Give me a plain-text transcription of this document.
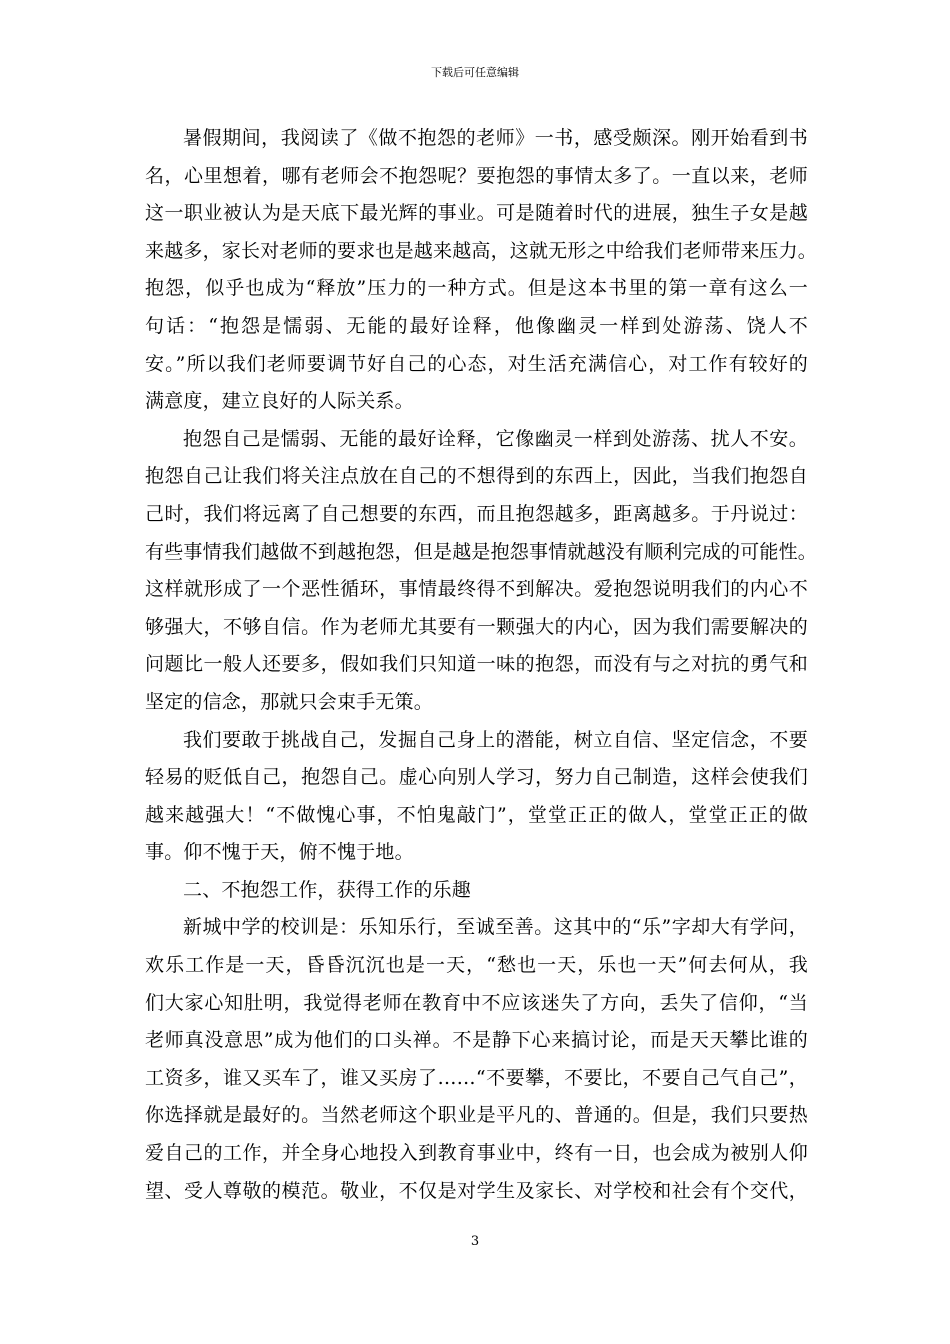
下载后可任意编辑
暑假期间，我阅读了《做不抱怨的老师》一书，感受颇深。刚开始看到书
名，心里想着，哪有老师会不抱怨呢？要抱怨的事情太多了。一直以来，老师
这一职业被认为是天底下最光辉的事业。可是随着时代的进展，独生子女是越
来越多，家长对老师的要求也是越来越高，这就无形之中给我们老师带来压力。
抱怨，似乎也成为“释放”压力的一种方式。但是这本书里的第一章有这么一
句话：“抱怨是懦弱、无能的最好诠释，他像幽灵一样到处游荡、饶人不
安。”所以我们老师要调节好自己的心态，对生活充满信心，对工作有较好的
满意度，建立良好的人际关系。
抱怨自己是懦弱、无能的最好诠释，它像幽灵一样到处游荡、扰人不安。
抱怨自己让我们将关注点放在自己的不想得到的东西上，因此，当我们抱怨自
己时，我们将远离了自己想要的东西，而且抱怨越多，距离越多。于丹说过：
有些事情我们越做不到越抱怨，但是越是抱怨事情就越没有顺利完成的可能性。
这样就形成了一个恶性循环，事情最终得不到解决。爱抱怨说明我们的内心不
够强大，不够自信。作为老师尤其要有一颗强大的内心，因为我们需要解决的
问题比一般人还要多，假如我们只知道一味的抱怨，而没有与之对抗的勇气和
坚定的信念，那就只会束手无策。
我们要敢于挑战自己，发掘自己身上的潜能，树立自信、坚定信念，不要
轻易的贬低自己，抱怨自己。虚心向别人学习，努力自己制造，这样会使我们
越来越强大！“不做愧心事，不怕鬼敲门”，堂堂正正的做人，堂堂正正的做
事。仰不愧于天，俯不愧于地。
二、不抱怨工作，获得工作的乐趣
新城中学的校训是：乐知乐行，至诚至善。这其中的“乐”字却大有学问，
欢乐工作是一天，昏昏沉沉也是一天，“愁也一天，乐也一天”何去何从，我
们大家心知肚明，我觉得老师在教育中不应该迷失了方向，丢失了信仰，“当
老师真没意思”成为他们的口头禅。不是静下心来搞讨论，而是天天攀比谁的
工资多，谁又买车了，谁又买房了……“不要攀，不要比，不要自己气自己”，
你选择就是最好的。当然老师这个职业是平凡的、普通的。但是，我们只要热
爱自己的工作，并全身心地投入到教育事业中，终有一日，也会成为被别人仰
望、受人尊敬的模范。敬业，不仅是对学生及家长、对学校和社会有个交代，
3
